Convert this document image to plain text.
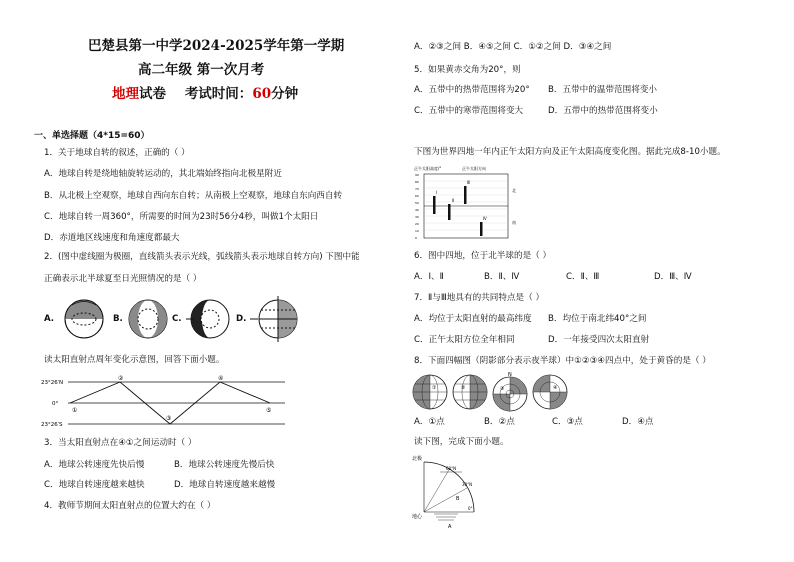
巴楚县第一中学2024-2025学年第一学期
高二年级 第一次月考
地理试卷 考试时间：60分钟
一、单选择题（4*15=60）
1．关于地球自转的叙述，正确的（ ）
A．地球自转是绕地轴旋转运动的，其北端始终指向北极星附近
B．从北极上空观察，地球自西向东自转；从南极上空观察，地球自东向西自转
C．地球自转一周360°，所需要的时间为23时56分4秒，叫做1个太阳日
D．赤道地区线速度和角速度都最大
2．(图中虚线圈为极圈，直线箭头表示光线，弧线箭头表示地球自转方向) 下图中能
正确表示北半球夏至日光照情况的是（ ）
A.	B.	C.	D.
读太阳直射点周年变化示意图，回答下面小题。
23°26′N
0°
23°26′S
①
②
③
④
⑤
3．当太阳直射点在④①之间运动时（ ）
A．地球公转速度先快后慢	B．地球公转速度先慢后快
C．地球自转速度越来越快	D．地球自转速度越来越慢
4．教师节期间太阳直射点的位置大约在（ ）
A．②③之间 B．④⑤之间 C．①②之间 D．③④之间
5．如果黄赤交角为20°，则
A．五带中的热带范围将为20° B．五带中的温带范围将变小
C．五带中的寒带范围将变大	D．五带中的热带范围将变小
下图为世界四地一年内正午太阳方向及正午太阳高度变化图。据此完成8-10小题。
正午太阳高度/°	正午太阳方向
Ⅰ
Ⅱ
Ⅲ
Ⅳ
北
南
90
80
70
60
50
40
30
20
10
0
6．图中四地，位于北半球的是（ ）
A．Ⅰ、Ⅱ	B．Ⅱ、Ⅳ	C．Ⅱ、Ⅲ	D．Ⅲ、Ⅳ
7．Ⅱ与Ⅲ地具有的共同特点是（ ）
A．均位于太阳直射的最高纬度 B．均位于南北纬40°之间
C．正午太阳方位全年相同	D．一年接受四次太阳直射
8．下面四幅图（阴影部分表示夜半球）中①②③④四点中，处于黄昏的是（ ）
①	②
N
③	④
A．①点	B．②点	C．③点	D．④点
读下图，完成下面小题。
北极
地心
60°N
30°N
0°
A
B
